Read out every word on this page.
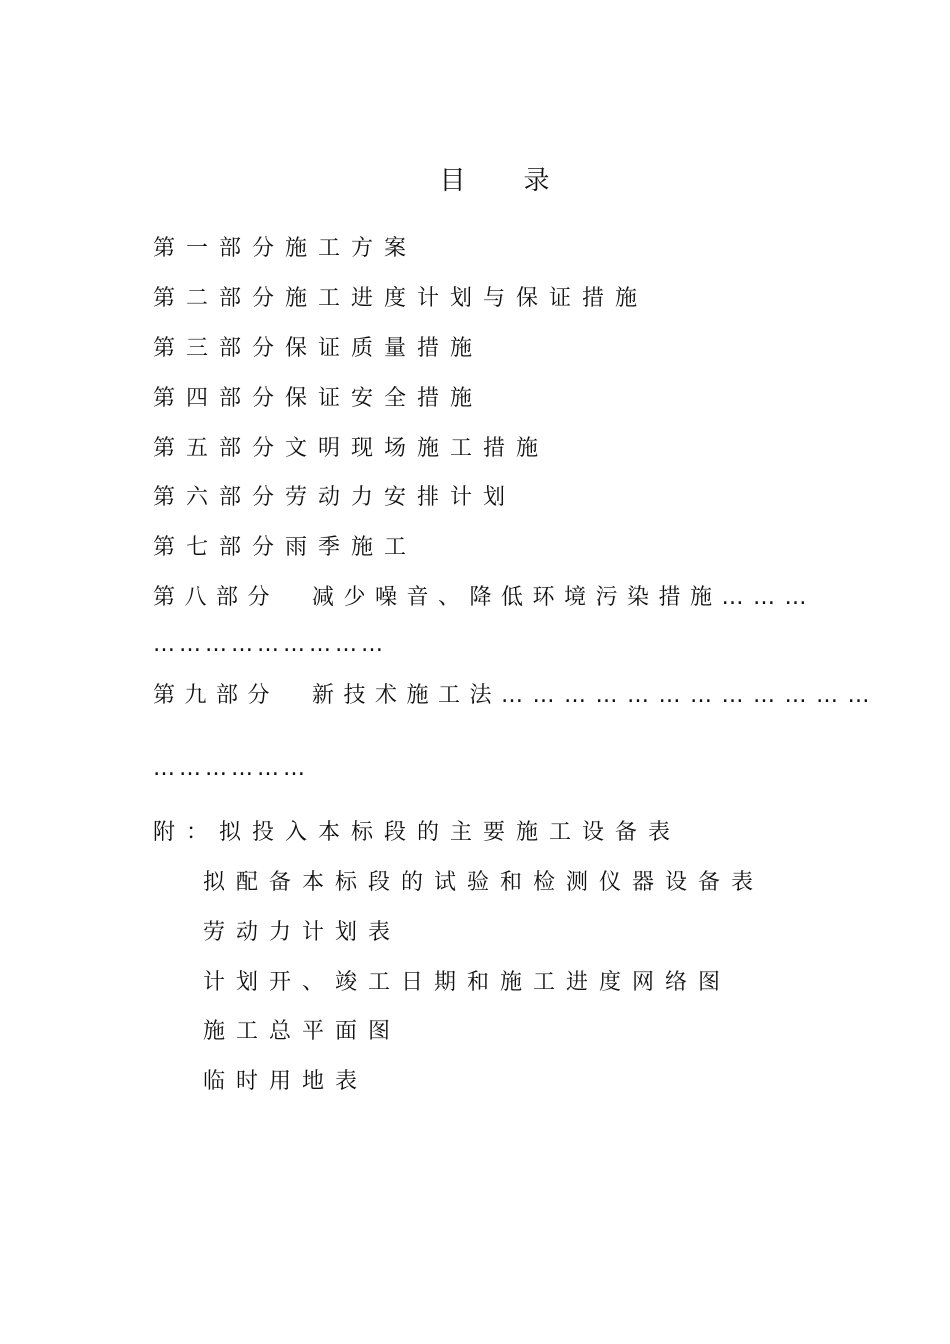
目  录

第一部分施工方案
第二部分施工进度计划与保证措施
第三部分保证质量措施
第四部分保证安全措施
第五部分文明现场施工措施
第六部分劳动力安排计划
第七部分雨季施工
第八部分  减少噪音、降低环境污染措施………
………………………
第九部分  新技术施工法………………………………
………………
附：拟投入本标段的主要施工设备表
拟配备本标段的试验和检测仪器设备表
劳动力计划表
计划开、竣工日期和施工进度网络图
施工总平面图
临时用地表
